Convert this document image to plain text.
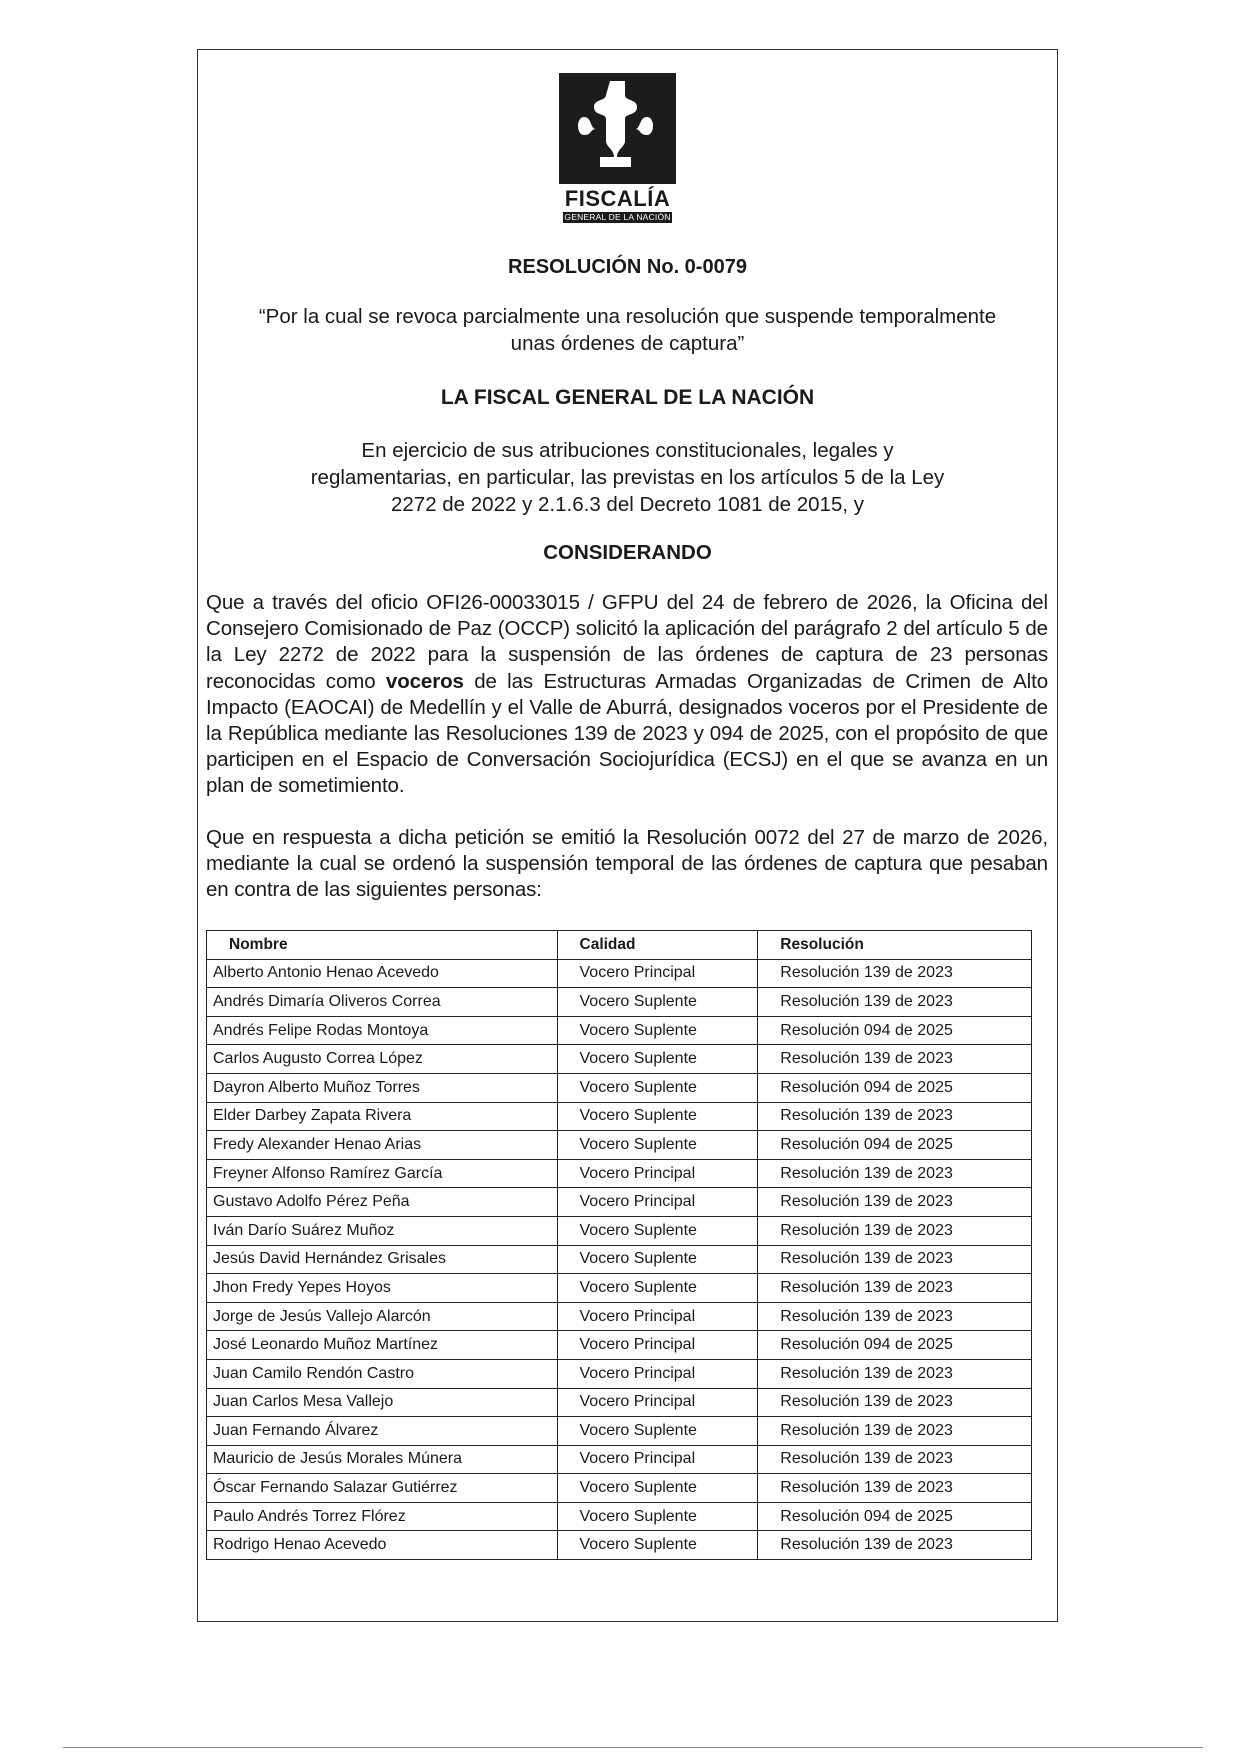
FISCALÍA
GENERAL DE LA NACIÓN
RESOLUCIÓN No. 0-0079
“Por la cual se revoca parcialmente una resolución que suspende temporalmente
unas órdenes de captura”
LA FISCAL GENERAL DE LA NACIÓN
En ejercicio de sus atribuciones constitucionales, legales y
reglamentarias, en particular, las previstas en los artículos 5 de la Ley
2272 de 2022 y 2.1.6.3 del Decreto 1081 de 2015, y
CONSIDERANDO
Que a través del oficio OFI26-00033015 / GFPU del 24 de febrero de 2026, la Oficina del Consejero Comisionado de Paz (OCCP) solicitó la aplicación del parágrafo 2 del artículo 5 de la Ley 2272 de 2022 para la suspensión de las órdenes de captura de 23 personas reconocidas como voceros de las Estructuras Armadas Organizadas de Crimen de Alto Impacto (EAOCAI) de Medellín y el Valle de Aburrá, designados voceros por el Presidente de la República mediante las Resoluciones 139 de 2023 y 094 de 2025, con el propósito de que participen en el Espacio de Conversación Sociojurídica (ECSJ) en el que se avanza en un plan de sometimiento.
Que en respuesta a dicha petición se emitió la Resolución 0072 del 27 de marzo de 2026, mediante la cual se ordenó la suspensión temporal de las órdenes de captura que pesaban en contra de las siguientes personas:
Nombre	Calidad	Resolución
Alberto Antonio Henao Acevedo	Vocero Principal	Resolución 139 de 2023
Andrés Dimaría Oliveros Correa	Vocero Suplente	Resolución 139 de 2023
Andrés Felipe Rodas Montoya	Vocero Suplente	Resolución 094 de 2025
Carlos Augusto Correa López	Vocero Suplente	Resolución 139 de 2023
Dayron Alberto Muñoz Torres	Vocero Suplente	Resolución 094 de 2025
Elder Darbey Zapata Rivera	Vocero Suplente	Resolución 139 de 2023
Fredy Alexander Henao Arias	Vocero Suplente	Resolución 094 de 2025
Freyner Alfonso Ramírez García	Vocero Principal	Resolución 139 de 2023
Gustavo Adolfo Pérez Peña	Vocero Principal	Resolución 139 de 2023
Iván Darío Suárez Muñoz	Vocero Suplente	Resolución 139 de 2023
Jesús David Hernández Grisales	Vocero Suplente	Resolución 139 de 2023
Jhon Fredy Yepes Hoyos	Vocero Suplente	Resolución 139 de 2023
Jorge de Jesús Vallejo Alarcón	Vocero Principal	Resolución 139 de 2023
José Leonardo Muñoz Martínez	Vocero Principal	Resolución 094 de 2025
Juan Camilo Rendón Castro	Vocero Principal	Resolución 139 de 2023
Juan Carlos Mesa Vallejo	Vocero Principal	Resolución 139 de 2023
Juan Fernando Álvarez	Vocero Suplente	Resolución 139 de 2023
Mauricio de Jesús Morales Múnera	Vocero Principal	Resolución 139 de 2023
Óscar Fernando Salazar Gutiérrez	Vocero Suplente	Resolución 139 de 2023
Paulo Andrés Torrez Flórez	Vocero Suplente	Resolución 094 de 2025
Rodrigo Henao Acevedo	Vocero Suplente	Resolución 139 de 2023
